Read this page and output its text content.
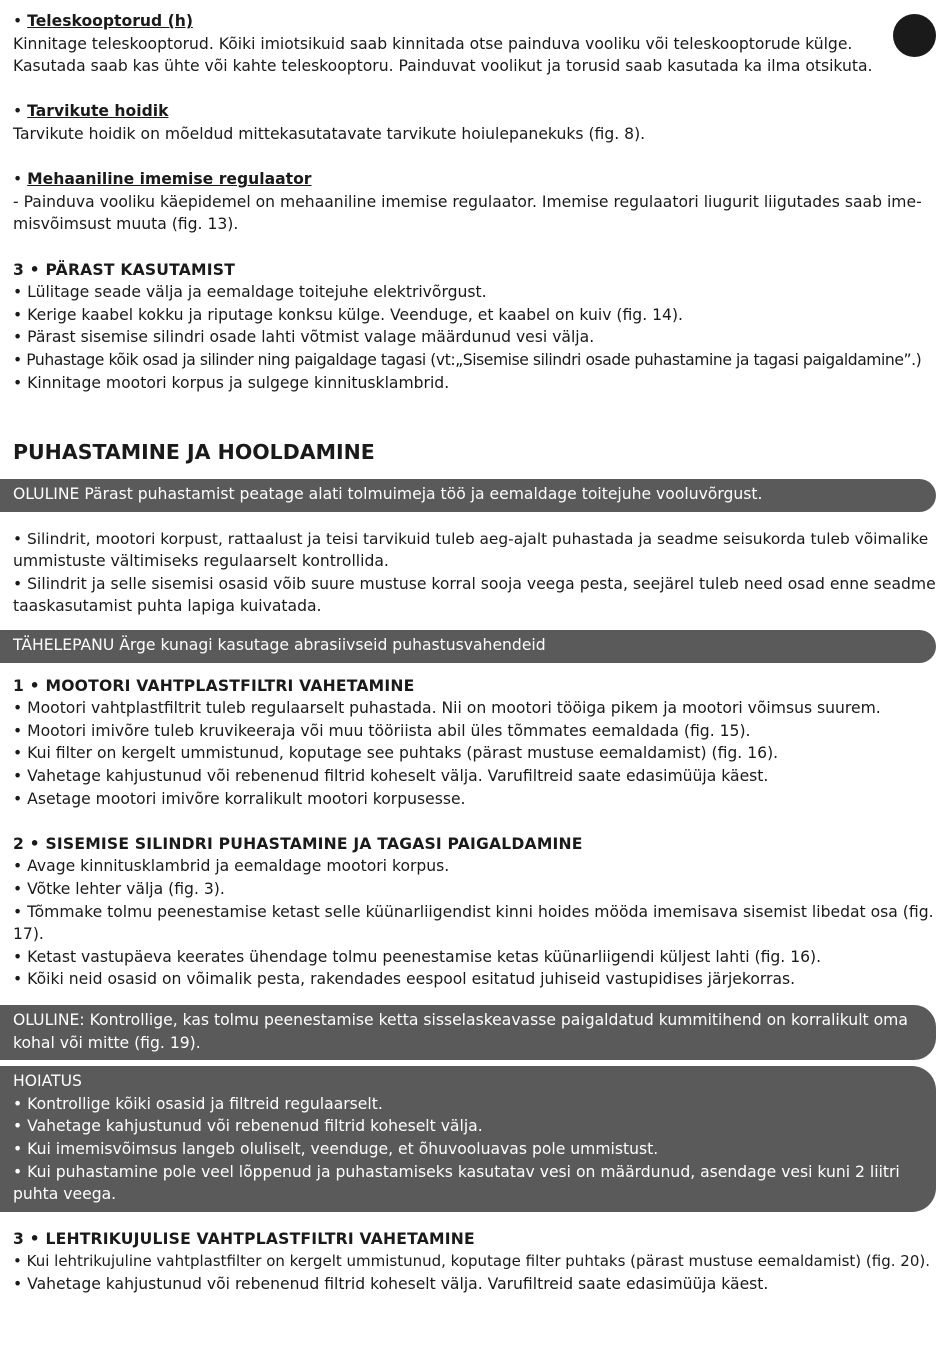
• Teleskooptorud (h)
Kinnitage teleskooptorud. Kõiki imiotsikuid saab kinnitada otse painduva vooliku või teleskooptorude külge.
Kasutada saab kas ühte või kahte teleskooptoru. Painduvat voolikut ja torusid saab kasutada ka ilma otsikuta.
• Tarvikute hoidik
Tarvikute hoidik on mõeldud mittekasutatavate tarvikute hoiulepanekuks (fig. 8).
• Mehaaniline imemise regulaator
- Painduva vooliku käepidemel on mehaaniline imemise regulaator. Imemise regulaatori liugurit liigutades saab ime-
misvõimsust muuta (fig. 13).
3 • PÄRAST KASUTAMIST
• Lülitage seade välja ja eemaldage toitejuhe elektrivõrgust.
• Kerige kaabel kokku ja riputage konksu külge. Veenduge, et kaabel on kuiv (fig. 14).
• Pärast sisemise silindri osade lahti võtmist valage määrdunud vesi välja.
• Puhastage kõik osad ja silinder ning paigaldage tagasi (vt:„Sisemise silindri osade puhastamine ja tagasi paigaldamine”.)
• Kinnitage mootori korpus ja sulgege kinnitusklambrid.
PUHASTAMINE JA HOOLDAMINE
OLULINE Pärast puhastamist peatage alati tolmuimeja töö ja eemaldage toitejuhe vooluvõrgust.
• Silindrit, mootori korpust, rattaalust ja teisi tarvikuid tuleb aeg-ajalt puhastada ja seadme seisukorda tuleb võimalike
ummistuste vältimiseks regulaarselt kontrollida.
• Silindrit ja selle sisemisi osasid võib suure mustuse korral sooja veega pesta, seejärel tuleb need osad enne seadme
taaskasutamist puhta lapiga kuivatada.
TÄHELEPANU Ärge kunagi kasutage abrasiivseid puhastusvahendeid
1 • MOOTORI VAHTPLASTFILTRI VAHETAMINE
• Mootori vahtplastfiltrit tuleb regulaarselt puhastada. Nii on mootori tööiga pikem ja mootori võimsus suurem.
• Mootori imivõre tuleb kruvikeeraja või muu tööriista abil üles tõmmates eemaldada (fig. 15).
• Kui filter on kergelt ummistunud, koputage see puhtaks (pärast mustuse eemaldamist) (fig. 16).
• Vahetage kahjustunud või rebenenud filtrid koheselt välja. Varufiltreid saate edasimüüja käest.
• Asetage mootori imivõre korralikult mootori korpusesse.
2 • SISEMISE SILINDRI PUHASTAMINE JA TAGASI PAIGALDAMINE
• Avage kinnitusklambrid ja eemaldage mootori korpus.
• Võtke lehter välja (fig. 3).
• Tõmmake tolmu peenestamise ketast selle küünarliigendist kinni hoides mööda imemisava sisemist libedat osa (fig.
17).
• Ketast vastupäeva keerates ühendage tolmu peenestamise ketas küünarliigendi küljest lahti (fig. 16).
• Kõiki neid osasid on võimalik pesta, rakendades eespool esitatud juhiseid vastupidises järjekorras.
OLULINE: Kontrollige, kas tolmu peenestamise ketta sisselaskeavasse paigaldatud kummitihend on korralikult oma
kohal või mitte (fig. 19).
HOIATUS
• Kontrollige kõiki osasid ja filtreid regulaarselt.
• Vahetage kahjustunud või rebenenud filtrid koheselt välja.
• Kui imemisvõimsus langeb oluliselt, veenduge, et õhuvooluavas pole ummistust.
• Kui puhastamine pole veel lõppenud ja puhastamiseks kasutatav vesi on määrdunud, asendage vesi kuni 2 liitri
puhta veega.
3 • LEHTRIKUJULISE VAHTPLASTFILTRI VAHETAMINE
• Kui lehtrikujuline vahtplastfilter on kergelt ummistunud, koputage filter puhtaks (pärast mustuse eemaldamist) (fig. 20).
• Vahetage kahjustunud või rebenenud filtrid koheselt välja. Varufiltreid saate edasimüüja käest.
